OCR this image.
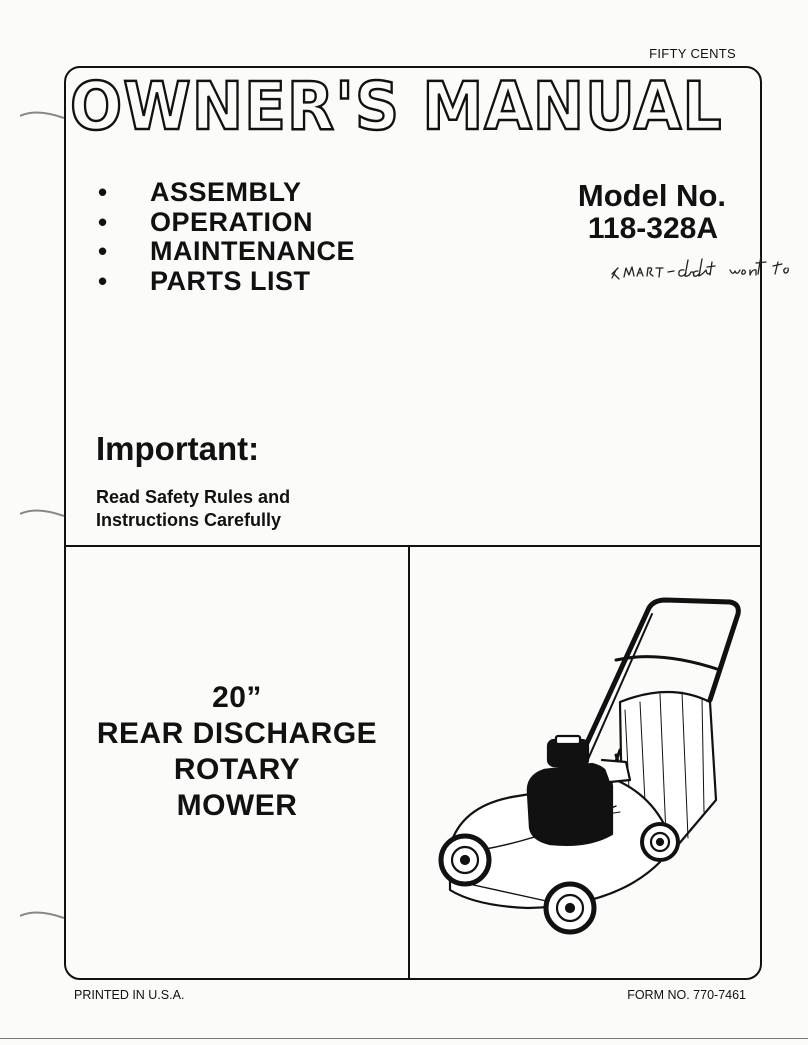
FIFTY CENTS
OWNER'S MANUAL
•	ASSEMBLY
•	OPERATION
•	MAINTENANCE
•	PARTS LIST
Model No.
118-328A
Important:
Read Safety Rules and
Instructions Carefully
20”
REAR DISCHARGE
ROTARY
MOWER
PRINTED IN U.S.A.	FORM NO. 770-7461
